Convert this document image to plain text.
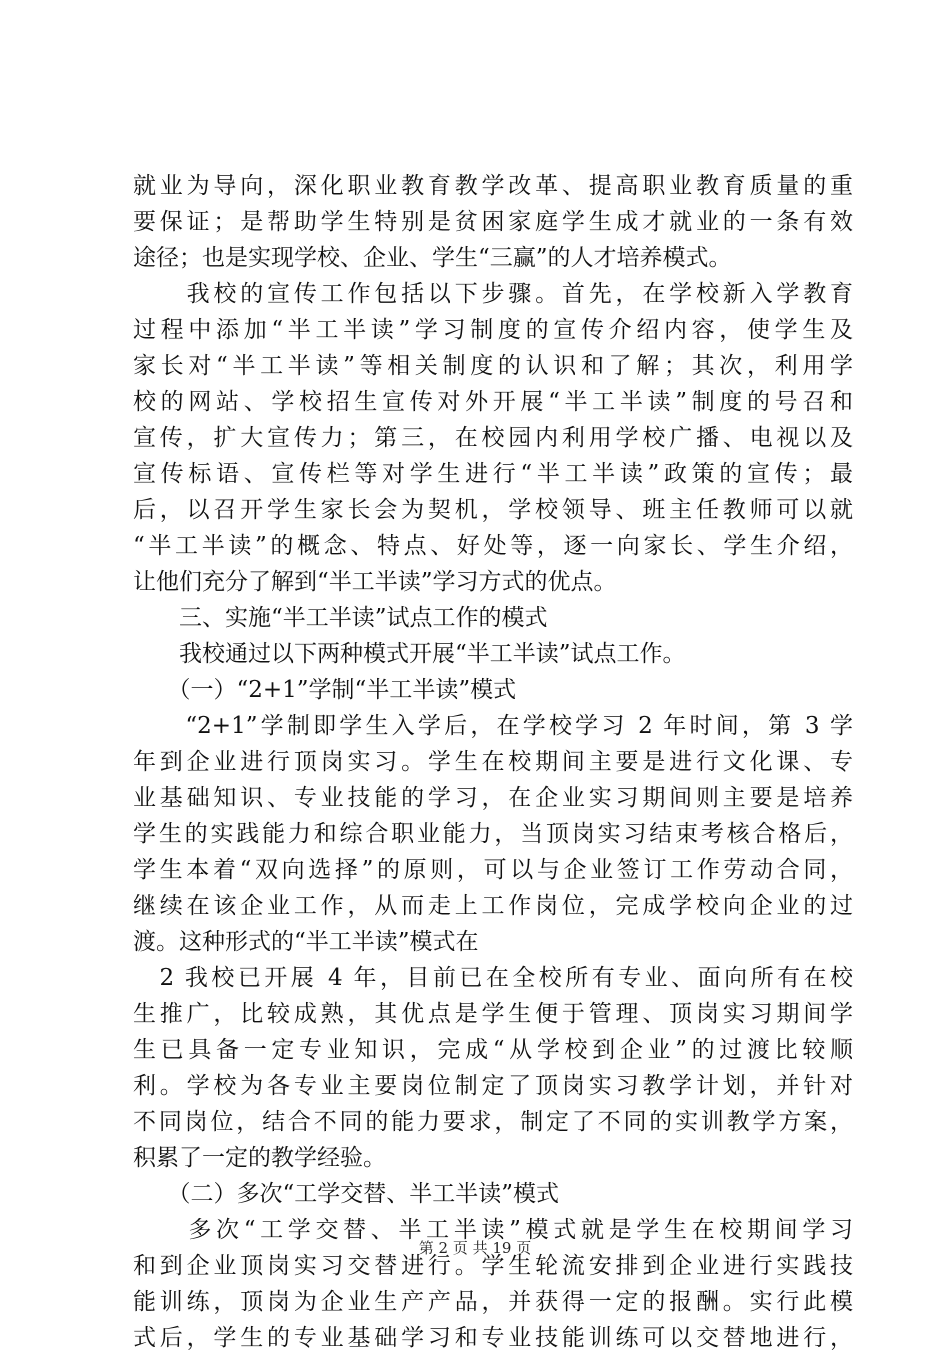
就业为导向，深化职业教育教学改革、提高职业教育质量的重
要保证；是帮助学生特别是贫困家庭学生成才就业的一条有效
途径；也是实现学校、企业、学生“三赢”的人才培养模式。
　　我校的宣传工作包括以下步骤。首先，在学校新入学教育
过程中添加“半工半读”学习制度的宣传介绍内容，使学生及
家长对“半工半读”等相关制度的认识和了解；其次，利用学
校的网站、学校招生宣传对外开展“半工半读”制度的号召和
宣传，扩大宣传力；第三，在校园内利用学校广播、电视以及
宣传标语、宣传栏等对学生进行“半工半读”政策的宣传；最
后，以召开学生家长会为契机，学校领导、班主任教师可以就
“半工半读”的概念、特点、好处等，逐一向家长、学生介绍，
让他们充分了解到“半工半读”学习方式的优点。
　　三、实施“半工半读”试点工作的模式
　　我校通过以下两种模式开展“半工半读”试点工作。
　　（一）“2+1”学制“半工半读”模式
　　“2+1”学制即学生入学后，在学校学习 2 年时间，第 3 学
年到企业进行顶岗实习。学生在校期间主要是进行文化课、专
业基础知识、专业技能的学习，在企业实习期间则主要是培养
学生的实践能力和综合职业能力，当顶岗实习结束考核合格后，
学生本着“双向选择”的原则，可以与企业签订工作劳动合同，
继续在该企业工作，从而走上工作岗位，完成学校向企业的过
渡。这种形式的“半工半读”模式在
　2 我校已开展 4 年，目前已在全校所有专业、面向所有在校
生推广，比较成熟，其优点是学生便于管理、顶岗实习期间学
生已具备一定专业知识，完成“从学校到企业”的过渡比较顺
利。学校为各专业主要岗位制定了顶岗实习教学计划，并针对
不同岗位，结合不同的能力要求，制定了不同的实训教学方案，
积累了一定的教学经验。
　　（二）多次“工学交替、半工半读”模式
　　多次“工学交替、半工半读”模式就是学生在校期间学习
和到企业顶岗实习交替进行。学生轮流安排到企业进行实践技
能训练，顶岗为企业生产产品，并获得一定的报酬。实行此模
式后，学生的专业基础学习和专业技能训练可以交替地进行，
第 2 页 共 19 页
